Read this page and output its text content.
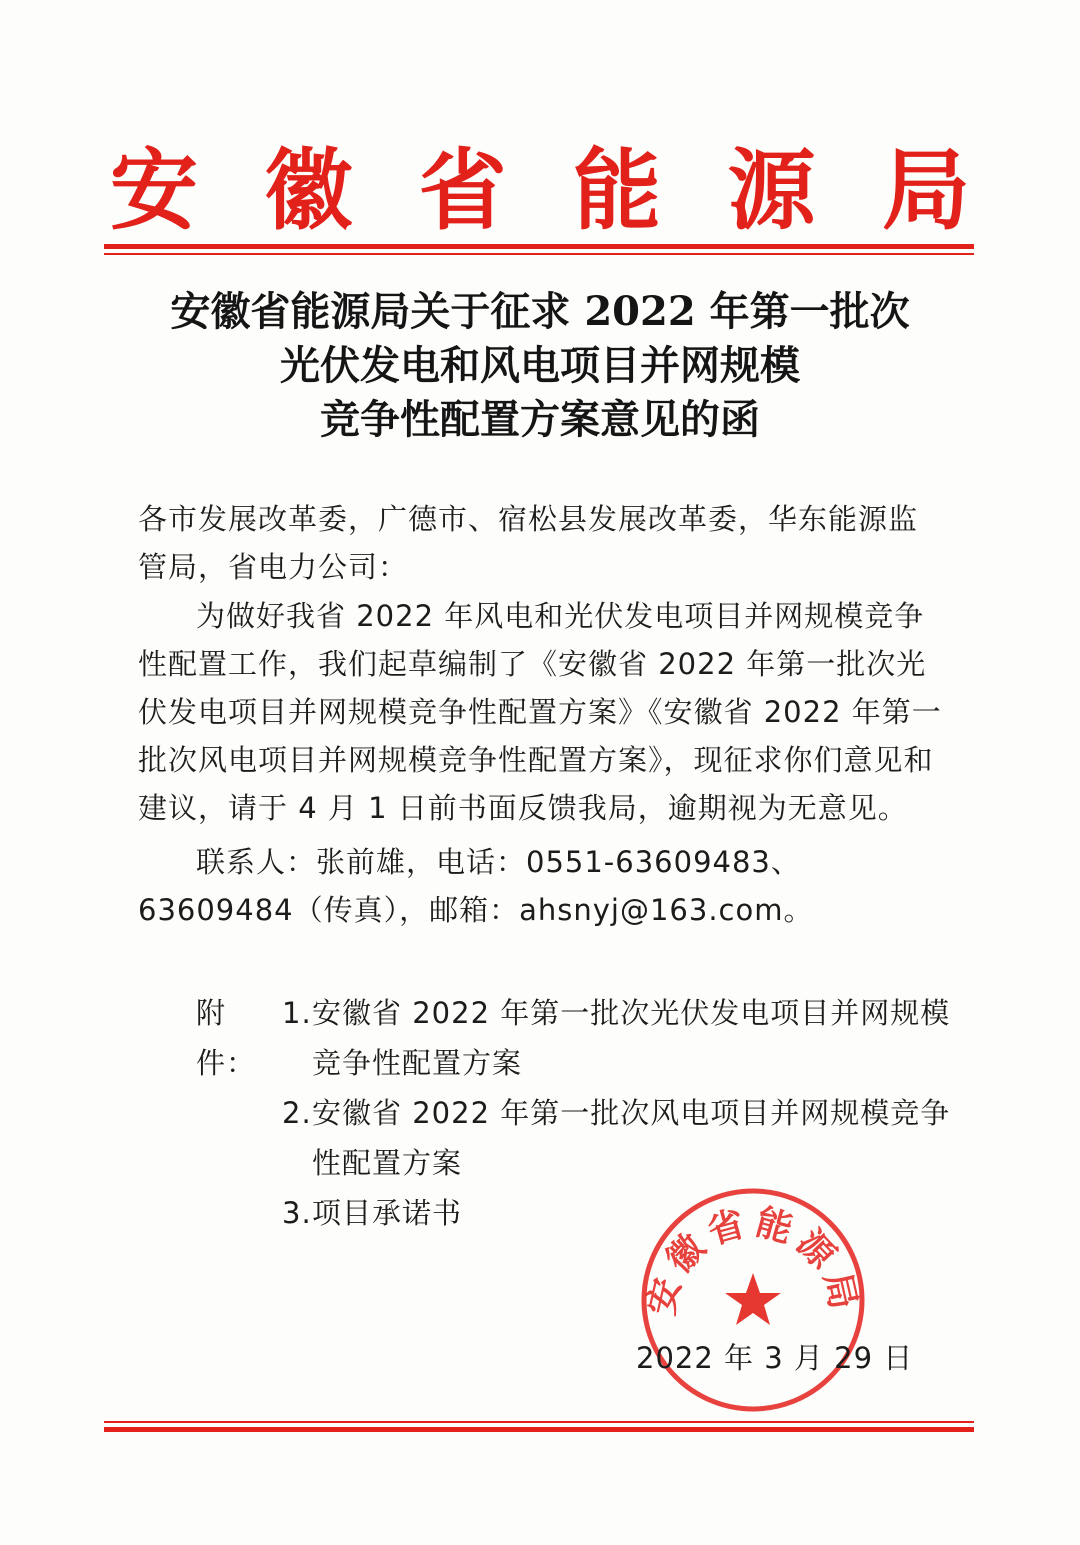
安 徽 省 能 源 局
安徽省能源局关于征求 2022 年第一批次
光伏发电和风电项目并网规模
竞争性配置方案意见的函
各市发展改革委，广德市、宿松县发展改革委，华东能源监管局，省电力公司：
为做好我省 2022 年风电和光伏发电项目并网规模竞争性配置工作，我们起草编制了《安徽省 2022 年第一批次光伏发电项目并网规模竞争性配置方案》《安徽省 2022 年第一批次风电项目并网规模竞争性配置方案》，现征求你们意见和建议，请于 4 月 1 日前书面反馈我局，逾期视为无意见。
联系人：张前雄，电话：0551-63609483、63609484（传真），邮箱：ahsnyj@163.com。
附件：
1. 安徽省 2022 年第一批次光伏发电项目并网规模竞争性配置方案
2. 安徽省 2022 年第一批次风电项目并网规模竞争性配置方案
3. 项目承诺书
安徽省能源局
2022 年 3 月 29 日
